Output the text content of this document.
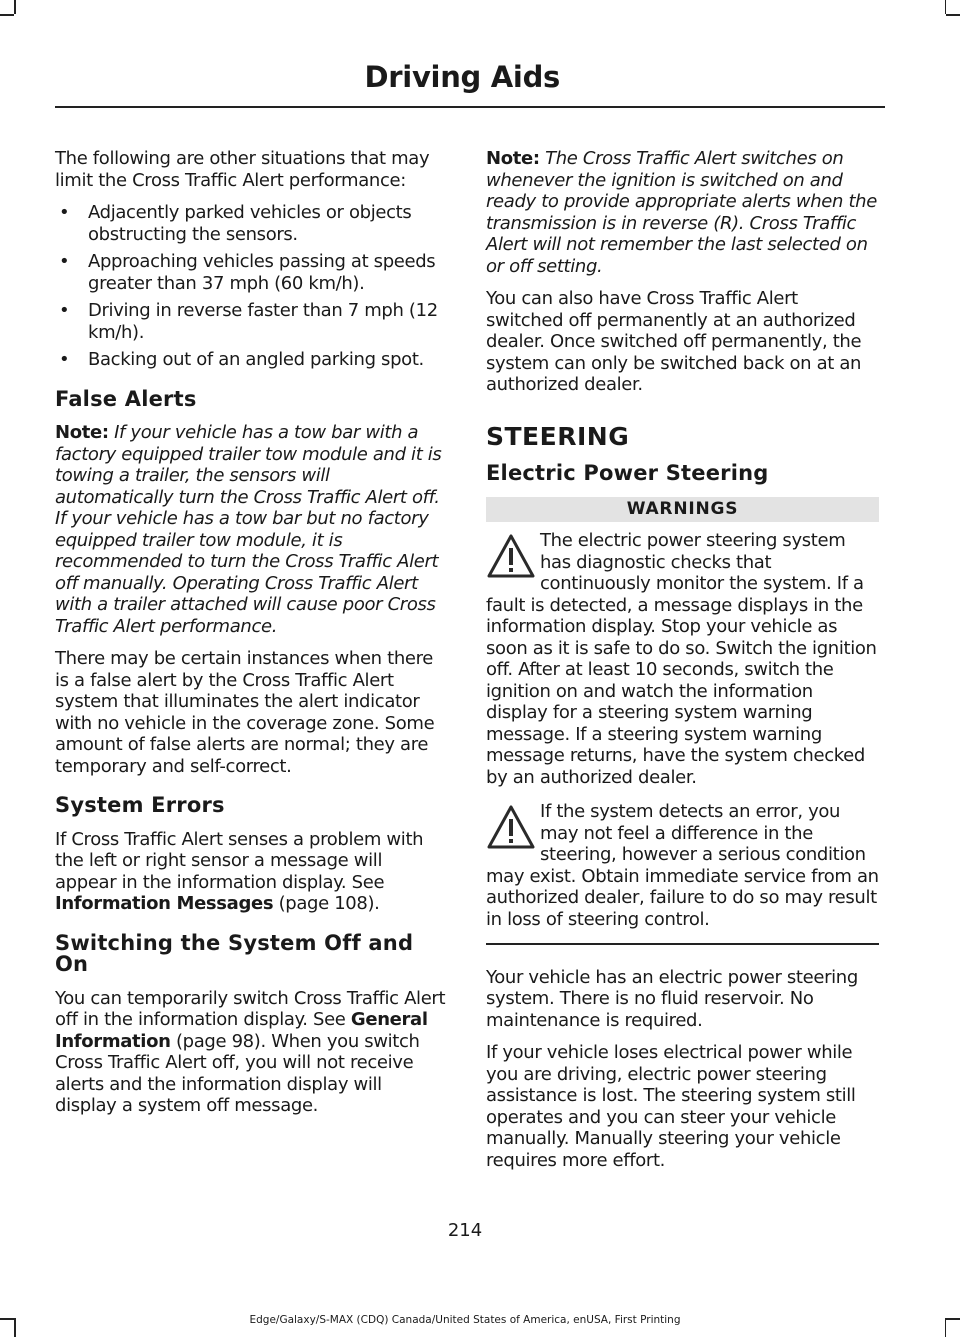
Driving Aids

The following are other situations that may limit the Cross Traffic Alert performance:

• Adjacently parked vehicles or objects obstructing the sensors.
• Approaching vehicles passing at speeds greater than 37 mph (60 km/h).
• Driving in reverse faster than 7 mph (12 km/h).
• Backing out of an angled parking spot.
False Alerts

Note: If your vehicle has a tow bar with a factory equipped trailer tow module and it is towing a trailer, the sensors will automatically turn the Cross Traffic Alert off. If your vehicle has a tow bar but no factory equipped trailer tow module, it is recommended to turn the Cross Traffic Alert off manually. Operating Cross Traffic Alert with a trailer attached will cause poor Cross Traffic Alert performance.

There may be certain instances when there is a false alert by the Cross Traffic Alert system that illuminates the alert indicator with no vehicle in the coverage zone. Some amount of false alerts are normal; they are temporary and self-correct.

System Errors

If Cross Traffic Alert senses a problem with the left or right sensor a message will appear in the information display. See Information Messages (page 108).

Switching the System Off and On

You can temporarily switch Cross Traffic Alert off in the information display. See General Information (page 98). When you switch Cross Traffic Alert off, you will not receive alerts and the information display will display a system off message.

Note: The Cross Traffic Alert switches on whenever the ignition is switched on and ready to provide appropriate alerts when the transmission is in reverse (R). Cross Traffic Alert will not remember the last selected on or off setting.

You can also have Cross Traffic Alert switched off permanently at an authorized dealer. Once switched off permanently, the system can only be switched back on at an authorized dealer.

STEERING
Electric Power Steering
WARNINGS
The electric power steering system has diagnostic checks that continuously monitor the system. If a fault is detected, a message displays in the information display. Stop your vehicle as soon as it is safe to do so. Switch the ignition off. After at least 10 seconds, switch the ignition on and watch the information display for a steering system warning message. If a steering system warning message returns, have the system checked by an authorized dealer.
If the system detects an error, you may not feel a difference in the steering, however a serious condition may exist. Obtain immediate service from an authorized dealer, failure to do so may result in loss of steering control.

Your vehicle has an electric power steering system. There is no fluid reservoir. No maintenance is required.

If your vehicle loses electrical power while you are driving, electric power steering assistance is lost. The steering system still operates and you can steer your vehicle manually. Manually steering your vehicle requires more effort.

214
Edge/Galaxy/S-MAX (CDQ) Canada/United States of America, enUSA, First Printing
